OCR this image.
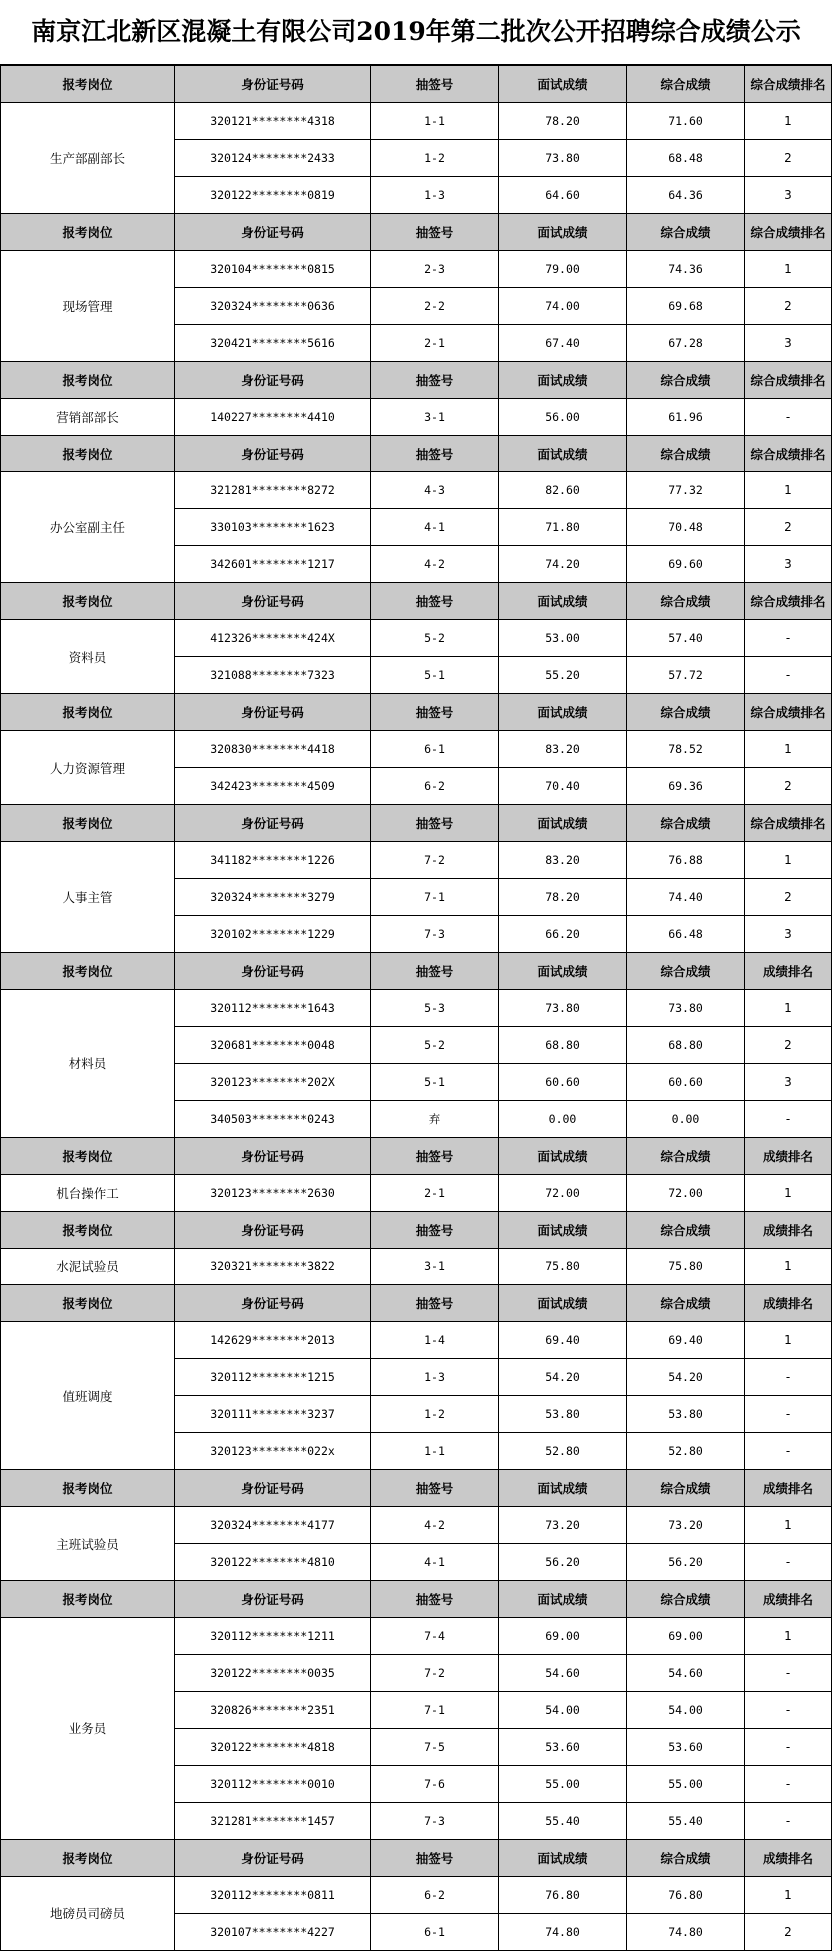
南京江北新区混凝土有限公司2019年第二批次公开招聘综合成绩公示
报考岗位	身份证号码	抽签号	面试成绩	综合成绩	综合成绩排名
生产部副部长	320121********4318	1-1	78.20	71.60	1
	320124********2433	1-2	73.80	68.48	2
	320122********0819	1-3	64.60	64.36	3
报考岗位	身份证号码	抽签号	面试成绩	综合成绩	综合成绩排名
现场管理	320104********0815	2-3	79.00	74.36	1
	320324********0636	2-2	74.00	69.68	2
	320421********5616	2-1	67.40	67.28	3
报考岗位	身份证号码	抽签号	面试成绩	综合成绩	综合成绩排名
营销部部长	140227********4410	3-1	56.00	61.96	-
报考岗位	身份证号码	抽签号	面试成绩	综合成绩	综合成绩排名
办公室副主任	321281********8272	4-3	82.60	77.32	1
	330103********1623	4-1	71.80	70.48	2
	342601********1217	4-2	74.20	69.60	3
报考岗位	身份证号码	抽签号	面试成绩	综合成绩	综合成绩排名
资料员	412326********424X	5-2	53.00	57.40	-
	321088********7323	5-1	55.20	57.72	-
报考岗位	身份证号码	抽签号	面试成绩	综合成绩	综合成绩排名
人力资源管理	320830********4418	6-1	83.20	78.52	1
	342423********4509	6-2	70.40	69.36	2
报考岗位	身份证号码	抽签号	面试成绩	综合成绩	综合成绩排名
人事主管	341182********1226	7-2	83.20	76.88	1
	320324********3279	7-1	78.20	74.40	2
	320102********1229	7-3	66.20	66.48	3
报考岗位	身份证号码	抽签号	面试成绩	综合成绩	成绩排名
材料员	320112********1643	5-3	73.80	73.80	1
	320681********0048	5-2	68.80	68.80	2
	320123********202X	5-1	60.60	60.60	3
	340503********0243	弃	0.00	0.00	-
报考岗位	身份证号码	抽签号	面试成绩	综合成绩	成绩排名
机台操作工	320123********2630	2-1	72.00	72.00	1
报考岗位	身份证号码	抽签号	面试成绩	综合成绩	成绩排名
水泥试验员	320321********3822	3-1	75.80	75.80	1
报考岗位	身份证号码	抽签号	面试成绩	综合成绩	成绩排名
值班调度	142629********2013	1-4	69.40	69.40	1
	320112********1215	1-3	54.20	54.20	-
	320111********3237	1-2	53.80	53.80	-
	320123********022x	1-1	52.80	52.80	-
报考岗位	身份证号码	抽签号	面试成绩	综合成绩	成绩排名
主班试验员	320324********4177	4-2	73.20	73.20	1
	320122********4810	4-1	56.20	56.20	-
报考岗位	身份证号码	抽签号	面试成绩	综合成绩	成绩排名
业务员	320112********1211	7-4	69.00	69.00	1
	320122********0035	7-2	54.60	54.60	-
	320826********2351	7-1	54.00	54.00	-
	320122********4818	7-5	53.60	53.60	-
	320112********0010	7-6	55.00	55.00	-
	321281********1457	7-3	55.40	55.40	-
报考岗位	身份证号码	抽签号	面试成绩	综合成绩	成绩排名
地磅员司磅员	320112********0811	6-2	76.80	76.80	1
	320107********4227	6-1	74.80	74.80	2
